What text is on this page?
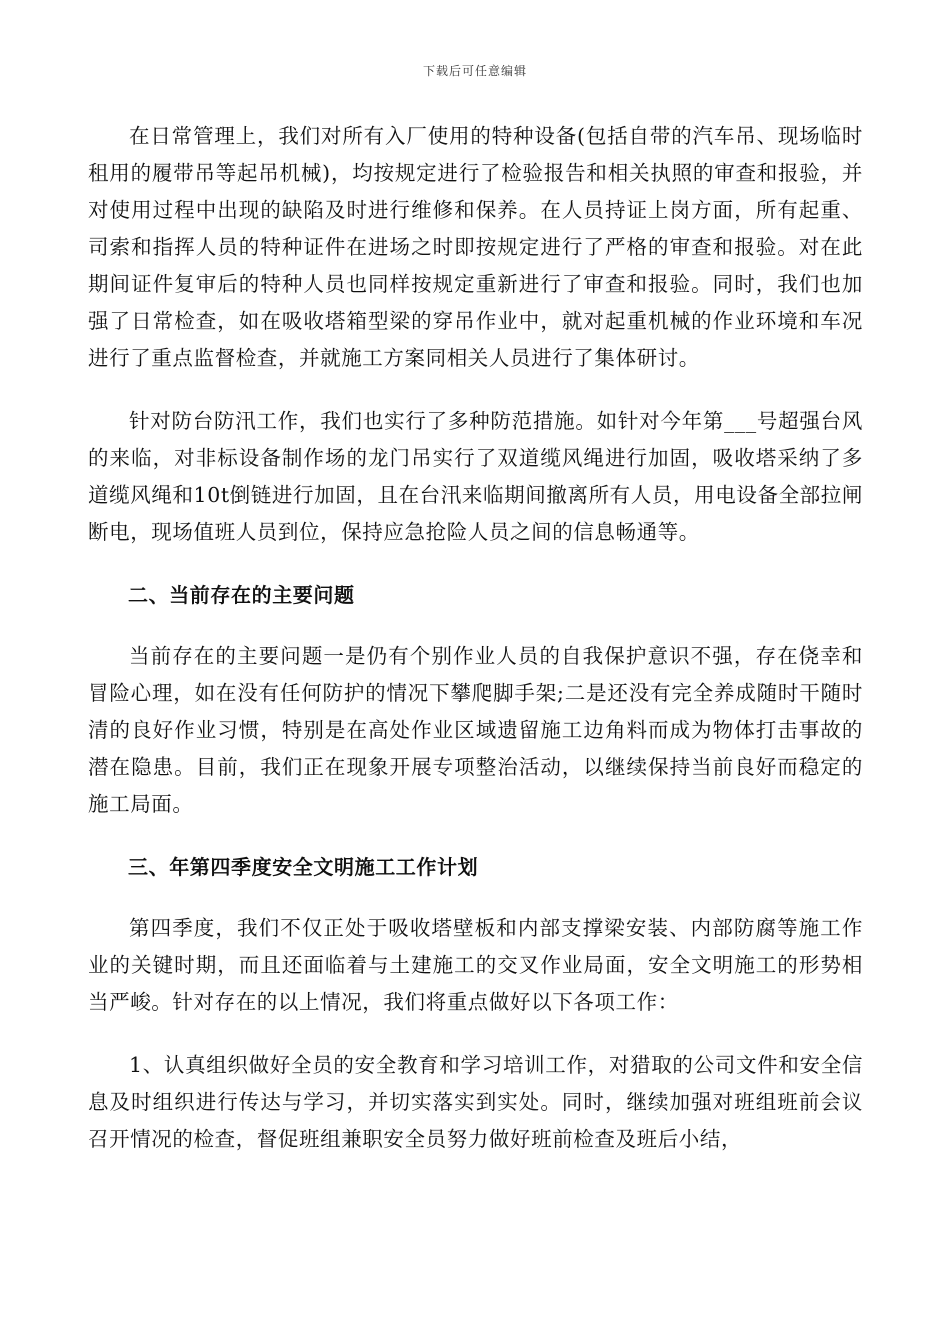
下载后可任意编辑

在日常管理上，我们对所有入厂使用的特种设备(包括自带的汽车吊、现场临时租用的履带吊等起吊机械)，均按规定进行了检验报告和相关执照的审查和报验，并对使用过程中出现的缺陷及时进行维修和保养。在人员持证上岗方面，所有起重、司索和指挥人员的特种证件在进场之时即按规定进行了严格的审查和报验。对在此期间证件复审后的特种人员也同样按规定重新进行了审查和报验。同时，我们也加强了日常检查，如在吸收塔箱型梁的穿吊作业中，就对起重机械的作业环境和车况进行了重点监督检查，并就施工方案同相关人员进行了集体研讨。

针对防台防汛工作，我们也实行了多种防范措施。如针对今年第___号超强台风的来临，对非标设备制作场的龙门吊实行了双道缆风绳进行加固，吸收塔采纳了多道缆风绳和10t倒链进行加固，且在台汛来临期间撤离所有人员，用电设备全部拉闸断电，现场值班人员到位，保持应急抢险人员之间的信息畅通等。

二、当前存在的主要问题

当前存在的主要问题一是仍有个别作业人员的自我保护意识不强，存在侥幸和冒险心理，如在没有任何防护的情况下攀爬脚手架;二是还没有完全养成随时干随时清的良好作业习惯，特别是在高处作业区域遗留施工边角料而成为物体打击事故的潜在隐患。目前，我们正在现象开展专项整治活动，以继续保持当前良好而稳定的施工局面。

三、年第四季度安全文明施工工作计划

第四季度，我们不仅正处于吸收塔壁板和内部支撑梁安装、内部防腐等施工作业的关键时期，而且还面临着与土建施工的交叉作业局面，安全文明施工的形势相当严峻。针对存在的以上情况，我们将重点做好以下各项工作：

1、认真组织做好全员的安全教育和学习培训工作，对猎取的公司文件和安全信息及时组织进行传达与学习，并切实落实到实处。同时，继续加强对班组班前会议召开情况的检查，督促班组兼职安全员努力做好班前检查及班后小结，
